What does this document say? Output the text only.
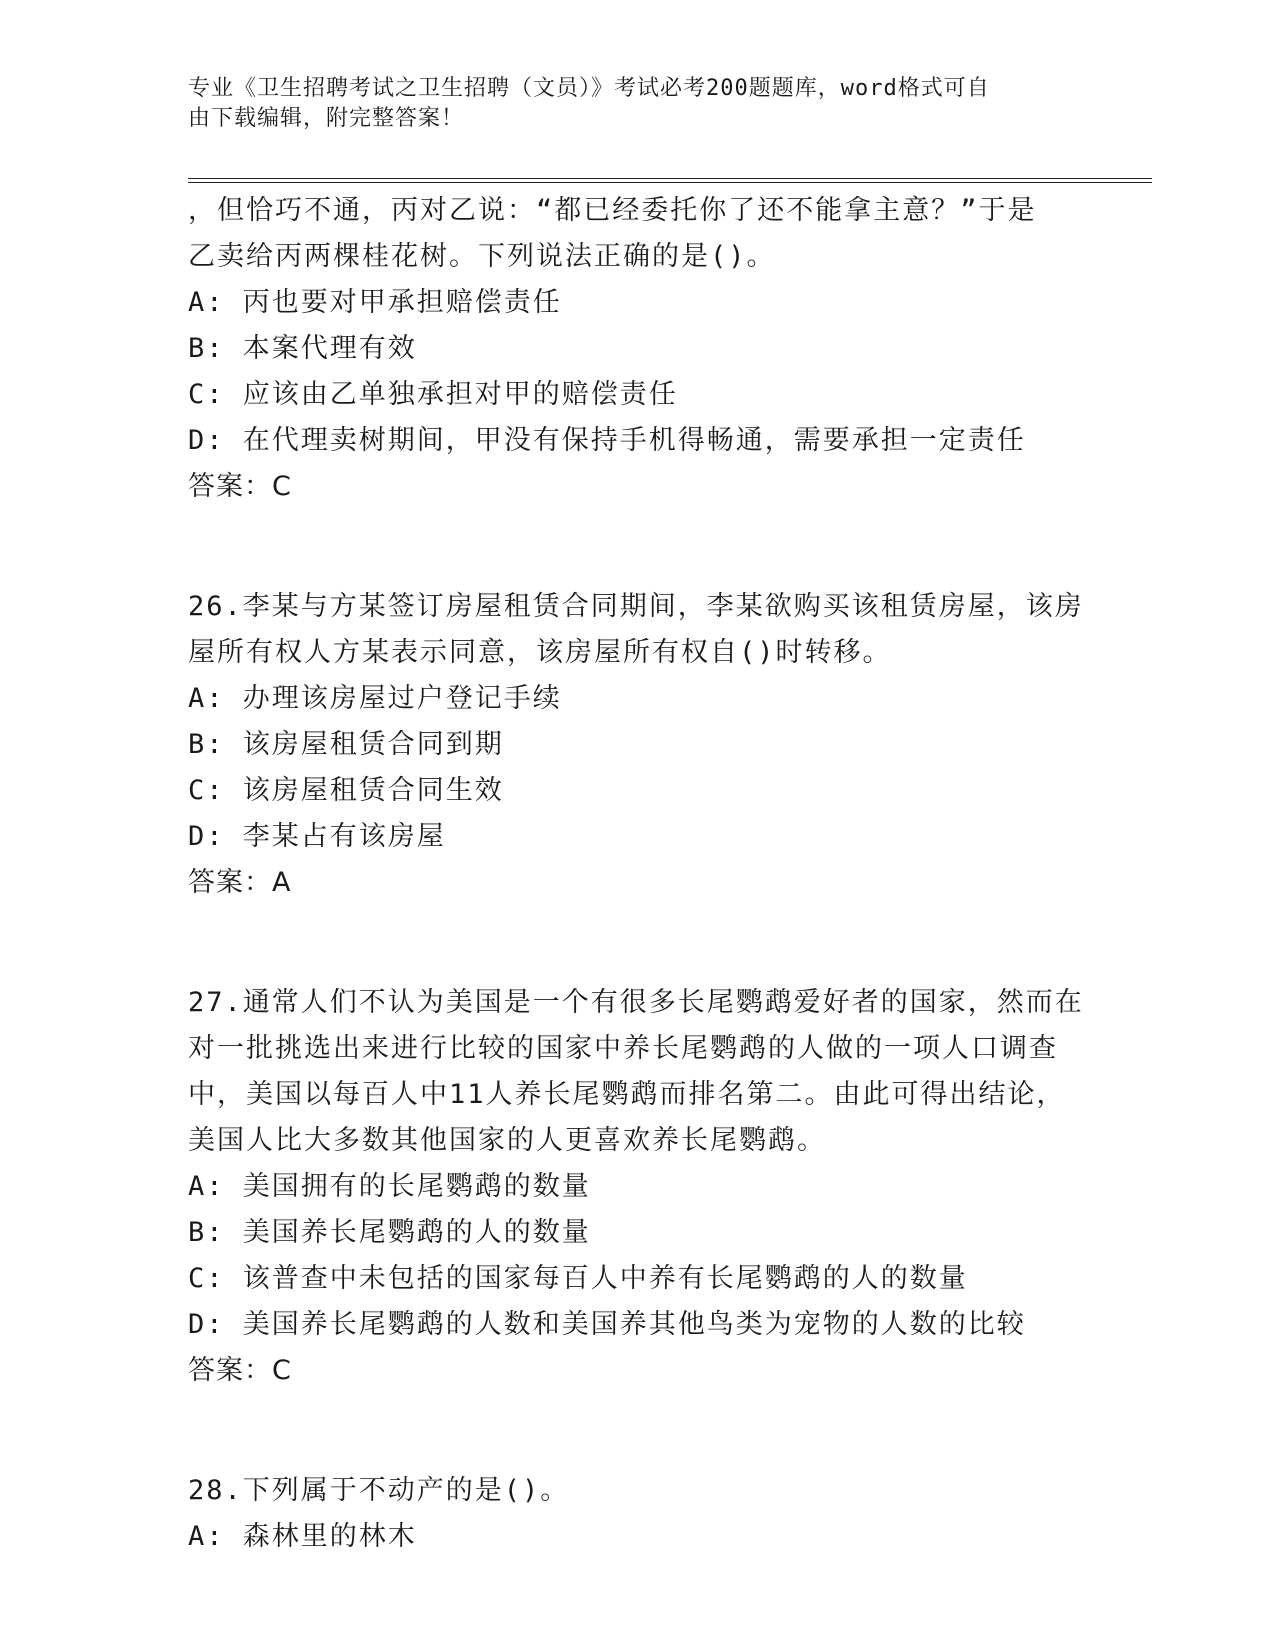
专业《卫生招聘考试之卫生招聘（文员）》考试必考200题题库，word格式可自
由下载编辑，附完整答案！
，但恰巧不通，丙对乙说：“都已经委托你了还不能拿主意？”于是
乙卖给丙两棵桂花树。下列说法正确的是()。
A: 丙也要对甲承担赔偿责任
B: 本案代理有效
C: 应该由乙单独承担对甲的赔偿责任
D: 在代理卖树期间，甲没有保持手机得畅通，需要承担一定责任
答案：C
26.李某与方某签订房屋租赁合同期间，李某欲购买该租赁房屋，该房
屋所有权人方某表示同意，该房屋所有权自()时转移。
A: 办理该房屋过户登记手续
B: 该房屋租赁合同到期
C: 该房屋租赁合同生效
D: 李某占有该房屋
答案：A
27.通常人们不认为美国是一个有很多长尾鹦鹉爱好者的国家，然而在
对一批挑选出来进行比较的国家中养长尾鹦鹉的人做的一项人口调查
中，美国以每百人中11人养长尾鹦鹉而排名第二。由此可得出结论，
美国人比大多数其他国家的人更喜欢养长尾鹦鹉。
A: 美国拥有的长尾鹦鹉的数量
B: 美国养长尾鹦鹉的人的数量
C: 该普查中未包括的国家每百人中养有长尾鹦鹉的人的数量
D: 美国养长尾鹦鹉的人数和美国养其他鸟类为宠物的人数的比较
答案：C
28.下列属于不动产的是()。
A: 森林里的林木
